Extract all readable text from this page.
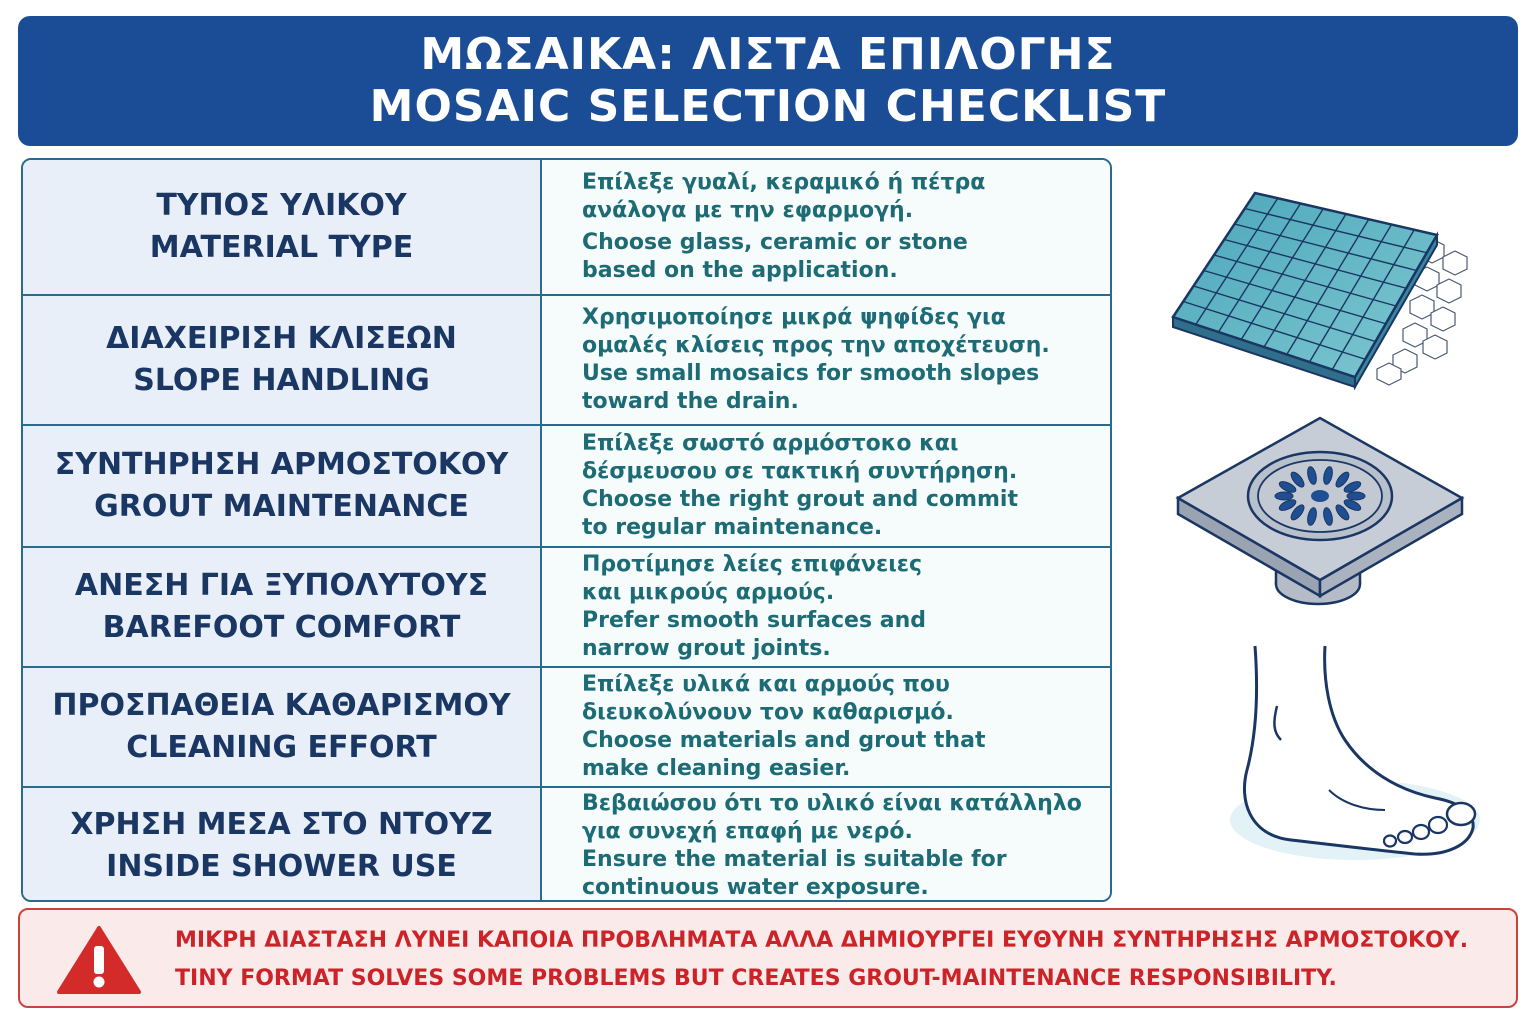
ΜΩΣΑΙΚΑ: ΛΙΣΤΑ ΕΠΙΛΟΓΗΣ
MOSAIC SELECTION CHECKLIST
ΤΥΠΟΣ ΥΛΙΚΟΥ
MATERIAL TYPE
Επίλεξε γυαλί, κεραμικό ή πέτρα
ανάλογα με την εφαρμογή.
Choose glass, ceramic or stone
based on the application.
ΔΙΑΧΕΙΡΙΣΗ ΚΛΙΣΕΩΝ
SLOPE HANDLING
Χρησιμοποίησε μικρά ψηφίδες για
ομαλές κλίσεις προς την αποχέτευση.
Use small mosaics for smooth slopes
toward the drain.
ΣΥΝΤΗΡΗΣΗ ΑΡΜΟΣΤΟΚΟΥ
GROUT MAINTENANCE
Επίλεξε σωστό αρμόστοκο και
δέσμευσου σε τακτική συντήρηση.
Choose the right grout and commit
to regular maintenance.
ΑΝΕΣΗ ΓΙΑ ΞΥΠΟΛΥΤΟΥΣ
BAREFOOT COMFORT
Προτίμησε λείες επιφάνειες
και μικρούς αρμούς.
Prefer smooth surfaces and
narrow grout joints.
ΠΡΟΣΠΑΘΕΙΑ ΚΑΘΑΡΙΣΜΟΥ
CLEANING EFFORT
Επίλεξε υλικά και αρμούς που
διευκολύνουν τον καθαρισμό.
Choose materials and grout that
make cleaning easier.
ΧΡΗΣΗ ΜΕΣΑ ΣΤΟ ΝΤΟΥΖ
INSIDE SHOWER USE
Βεβαιώσου ότι το υλικό είναι κατάλληλο
για συνεχή επαφή με νερό.
Ensure the material is suitable for
continuous water exposure.
ΜΙΚΡΗ ΔΙΑΣΤΑΣΗ ΛΥΝΕΙ ΚΑΠΟΙΑ ΠΡΟΒΛΗΜΑΤΑ ΑΛΛΑ ΔΗΜΙΟΥΡΓΕΙ ΕΥΘΥΝΗ ΣΥΝΤΗΡΗΣΗΣ ΑΡΜΟΣΤΟΚΟΥ.
TINY FORMAT SOLVES SOME PROBLEMS BUT CREATES GROUT-MAINTENANCE RESPONSIBILITY.
